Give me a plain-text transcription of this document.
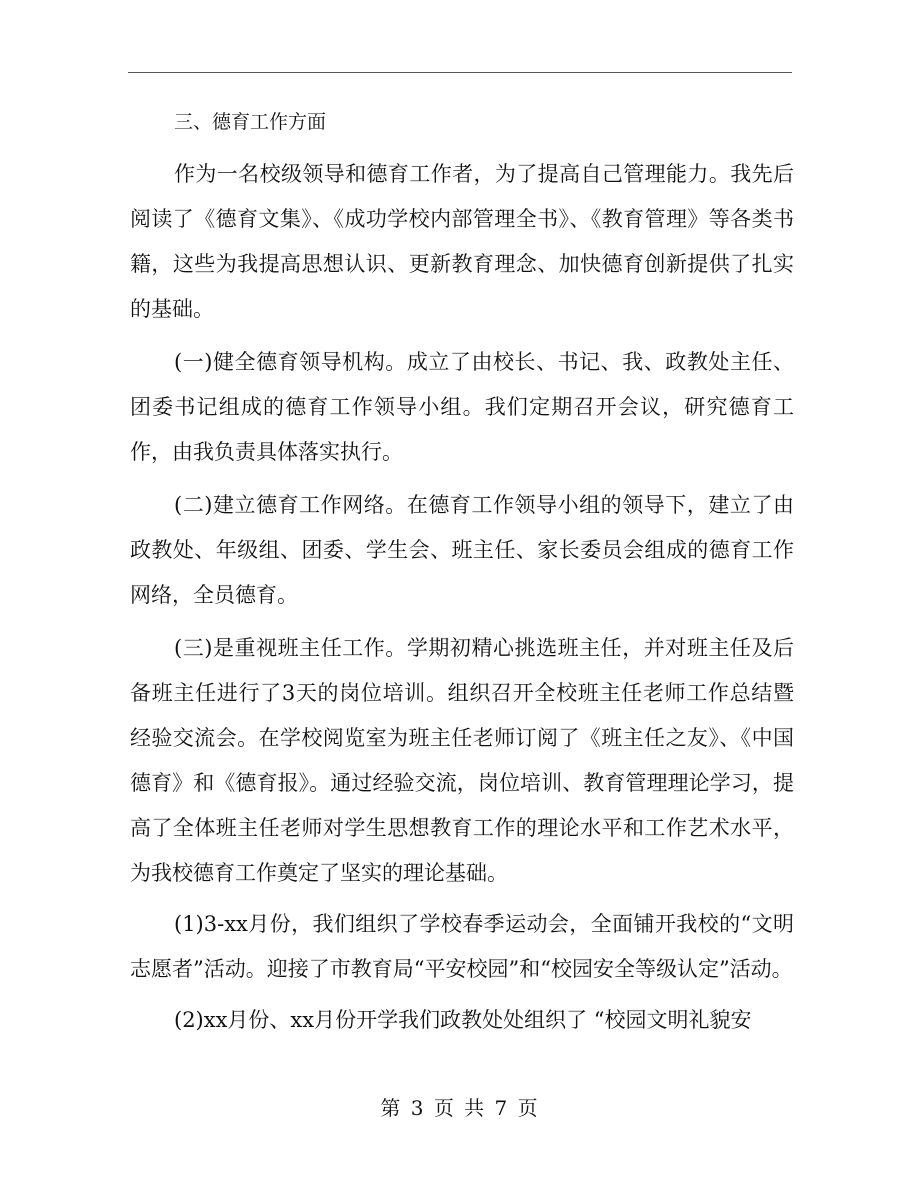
三、德育工作方面

作为一名校级领导和德育工作者，为了提高自己管理能力。我先后阅读了《德育文集》、《成功学校内部管理全书》、《教育管理》等各类书籍，这些为我提高思想认识、更新教育理念、加快德育创新提供了扎实的基础。

(一)健全德育领导机构。成立了由校长、书记、我、政教处主任、团委书记组成的德育工作领导小组。我们定期召开会议，研究德育工作，由我负责具体落实执行。

(二)建立德育工作网络。在德育工作领导小组的领导下，建立了由政教处、年级组、团委、学生会、班主任、家长委员会组成的德育工作网络，全员德育。

(三)是重视班主任工作。学期初精心挑选班主任，并对班主任及后备班主任进行了3天的岗位培训。组织召开全校班主任老师工作总结暨经验交流会。在学校阅览室为班主任老师订阅了《班主任之友》、《中国德育》和《德育报》。通过经验交流，岗位培训、教育管理理论学习，提高了全体班主任老师对学生思想教育工作的理论水平和工作艺术水平，为我校德育工作奠定了坚实的理论基础。

(1)3-xx月份，我们组织了学校春季运动会，全面铺开我校的“文明志愿者”活动。迎接了市教育局“平安校园”和“校园安全等级认定”活动。

(2)xx月份、xx月份开学我们政教处处组织了 “校园文明礼貌安

第 3 页 共 7 页
